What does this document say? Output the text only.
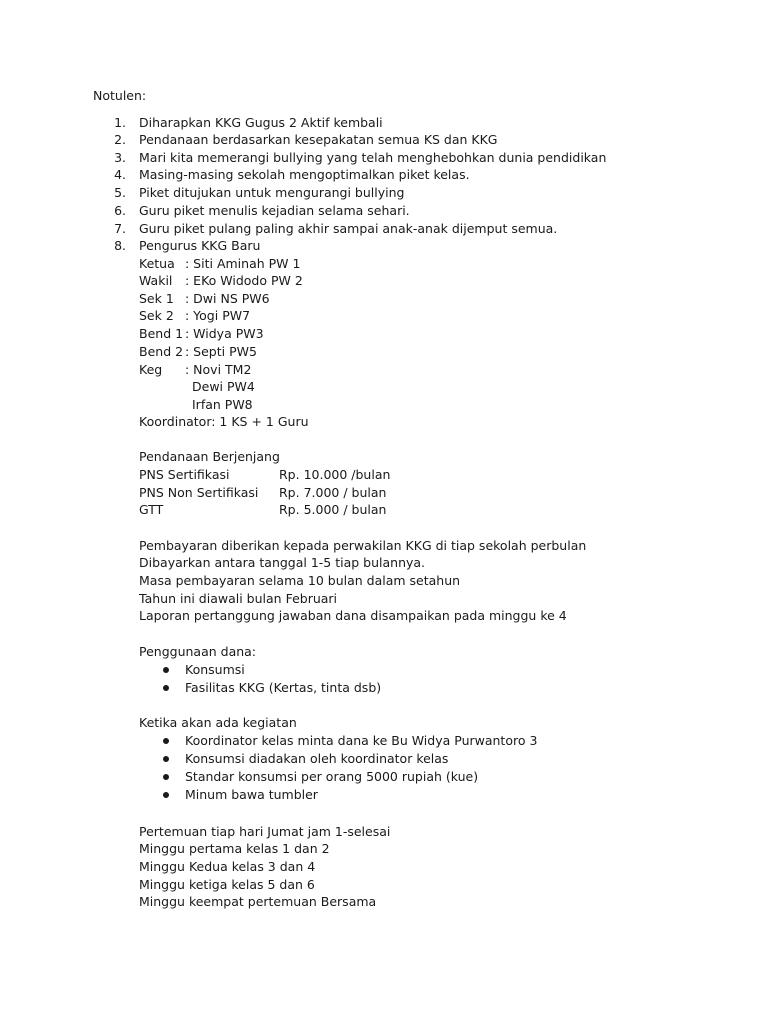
Notulen:
1. Diharapkan KKG Gugus 2 Aktif kembali
2. Pendanaan berdasarkan kesepakatan semua KS dan KKG
3. Mari kita memerangi bullying yang telah menghebohkan dunia pendidikan
4. Masing-masing sekolah mengoptimalkan piket kelas.
5. Piket ditujukan untuk mengurangi bullying
6. Guru piket menulis kejadian selama sehari.
7. Guru piket pulang paling akhir sampai anak-anak dijemput semua.
8. Pengurus KKG Baru
Ketua : Siti Aminah PW 1
Wakil : EKo Widodo PW 2
Sek 1 : Dwi NS PW6
Sek 2 : Yogi PW7
Bend 1 : Widya PW3
Bend 2 : Septi PW5
Keg : Novi TM2
Dewi PW4
Irfan PW8
Koordinator: 1 KS + 1 Guru
Pendanaan Berjenjang
PNS Sertifikasi	Rp. 10.000 /bulan
PNS Non Sertifikasi Rp. 7.000 / bulan
GTT	Rp. 5.000 / bulan
Pembayaran diberikan kepada perwakilan KKG di tiap sekolah perbulan
Dibayarkan antara tanggal 1-5 tiap bulannya.
Masa pembayaran selama 10 bulan dalam setahun
Tahun ini diawali bulan Februari
Laporan pertanggung jawaban dana disampaikan pada minggu ke 4
Penggunaan dana:
Konsumsi
Fasilitas KKG (Kertas, tinta dsb)
Ketika akan ada kegiatan
Koordinator kelas minta dana ke Bu Widya Purwantoro 3
Konsumsi diadakan oleh koordinator kelas
Standar konsumsi per orang 5000 rupiah (kue)
Minum bawa tumbler
Pertemuan tiap hari Jumat jam 1-selesai
Minggu pertama kelas 1 dan 2
Minggu Kedua kelas 3 dan 4
Minggu ketiga kelas 5 dan 6
Minggu keempat pertemuan Bersama
